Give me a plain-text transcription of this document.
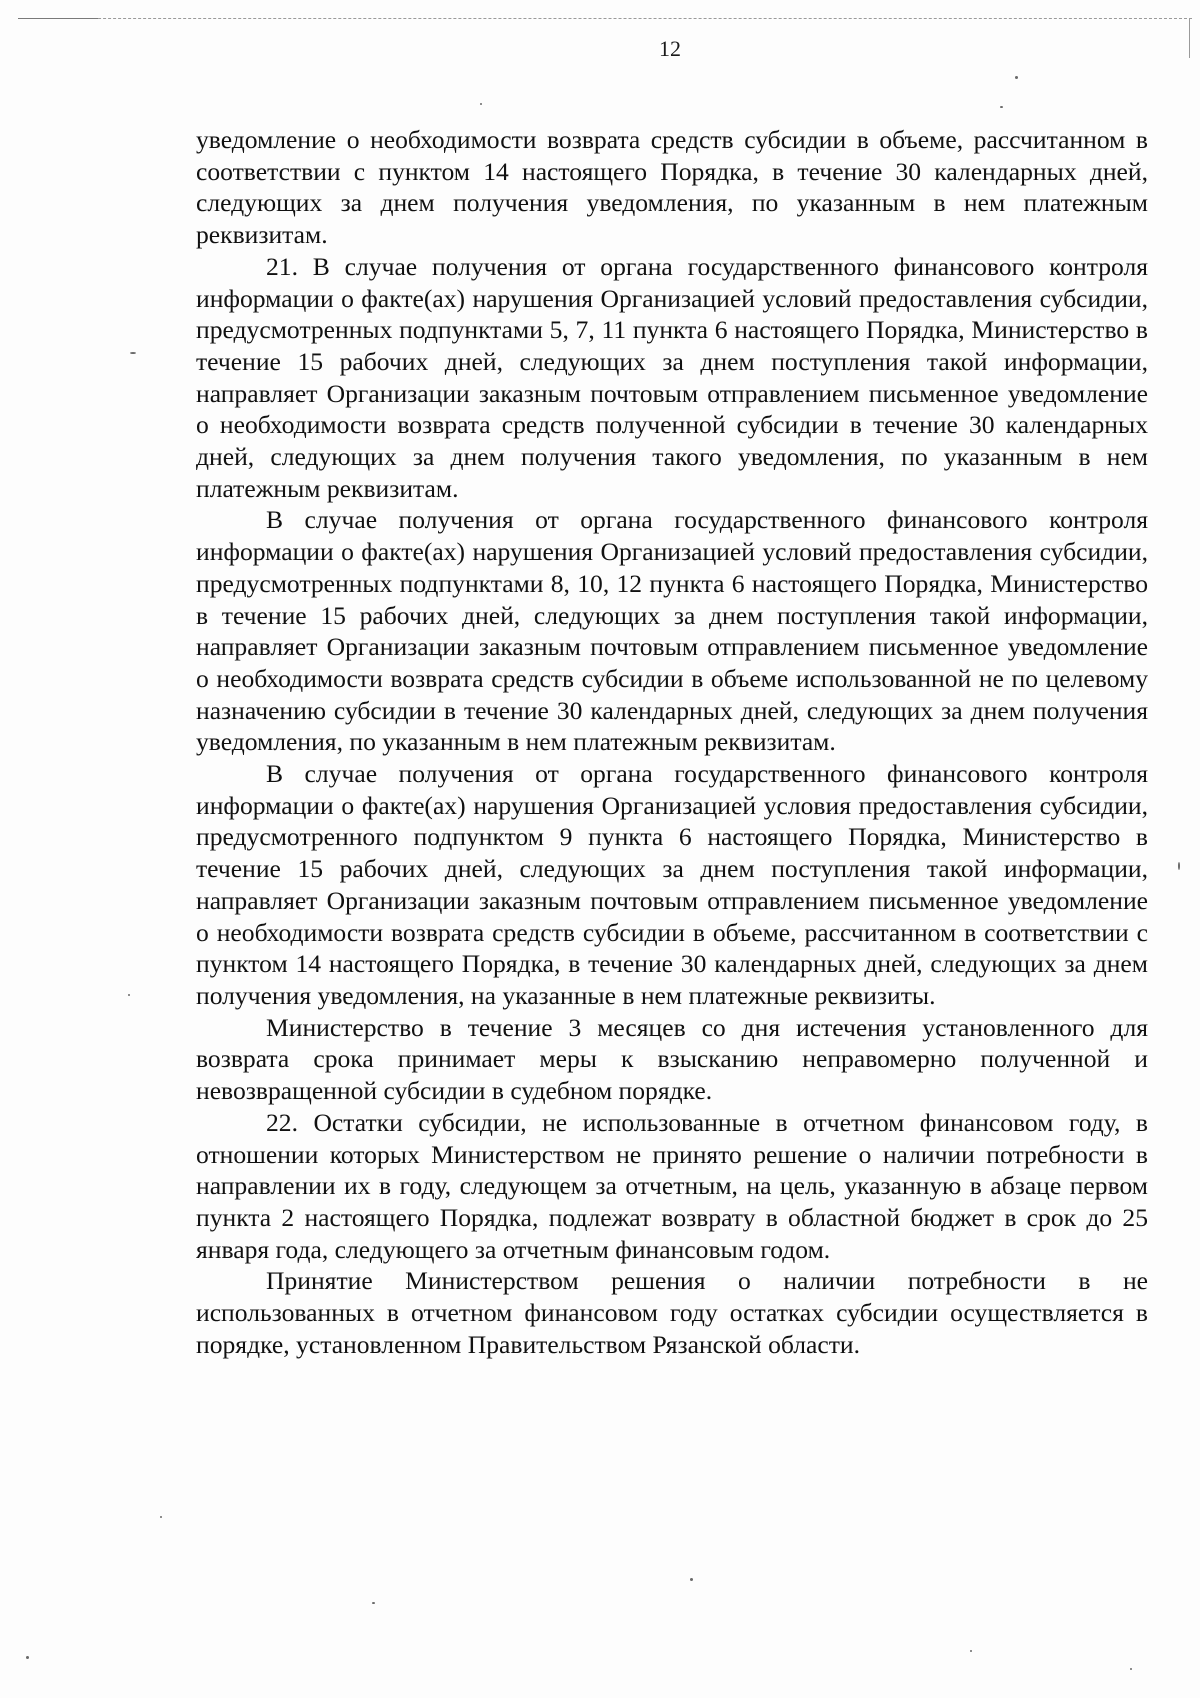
12

уведомление о необходимости возврата средств субсидии в объеме, рассчитанном в соответствии с пунктом 14 настоящего Порядка, в течение 30 календарных дней, следующих за днем получения уведомления, по указанным в нем платежным реквизитам.

21. В случае получения от органа государственного финансового контроля информации о факте(ах) нарушения Организацией условий предоставления субсидии, предусмотренных подпунктами 5, 7, 11 пункта 6 настоящего Порядка, Министерство в течение 15 рабочих дней, следующих за днем поступления такой информации, направляет Организации заказным почтовым отправлением письменное уведомление о необходимости возврата средств полученной субсидии в течение 30 календарных дней, следующих за днем получения такого уведомления, по указанным в нем платежным реквизитам.

В случае получения от органа государственного финансового контроля информации о факте(ах) нарушения Организацией условий предоставления субсидии, предусмотренных подпунктами 8, 10, 12 пункта 6 настоящего Порядка, Министерство в течение 15 рабочих дней, следующих за днем поступления такой информации, направляет Организации заказным почтовым отправлением письменное уведомление о необходимости возврата средств субсидии в объеме использованной не по целевому назначению субсидии в течение 30 календарных дней, следующих за днем получения уведомления, по указанным в нем платежным реквизитам.

В случае получения от органа государственного финансового контроля информации о факте(ах) нарушения Организацией условия предоставления субсидии, предусмотренного подпунктом 9 пункта 6 настоящего Порядка, Министерство в течение 15 рабочих дней, следующих за днем поступления такой информации, направляет Организации заказным почтовым отправлением письменное уведомление о необходимости возврата средств субсидии в объеме, рассчитанном в соответствии с пунктом 14 настоящего Порядка, в течение 30 календарных дней, следующих за днем получения уведомления, на указанные в нем платежные реквизиты.

Министерство в течение 3 месяцев со дня истечения установленного для возврата срока принимает меры к взысканию неправомерно полученной и невозвращенной субсидии в судебном порядке.

22. Остатки субсидии, не использованные в отчетном финансовом году, в отношении которых Министерством не принято решение о наличии потребности в направлении их в году, следующем за отчетным, на цель, указанную в абзаце первом пункта 2 настоящего Порядка, подлежат возврату в областной бюджет в срок до 25 января года, следующего за отчетным финансовым годом.

Принятие Министерством решения о наличии потребности в не использованных в отчетном финансовом году остатках субсидии осуществляется в порядке, установленном Правительством Рязанской области.
